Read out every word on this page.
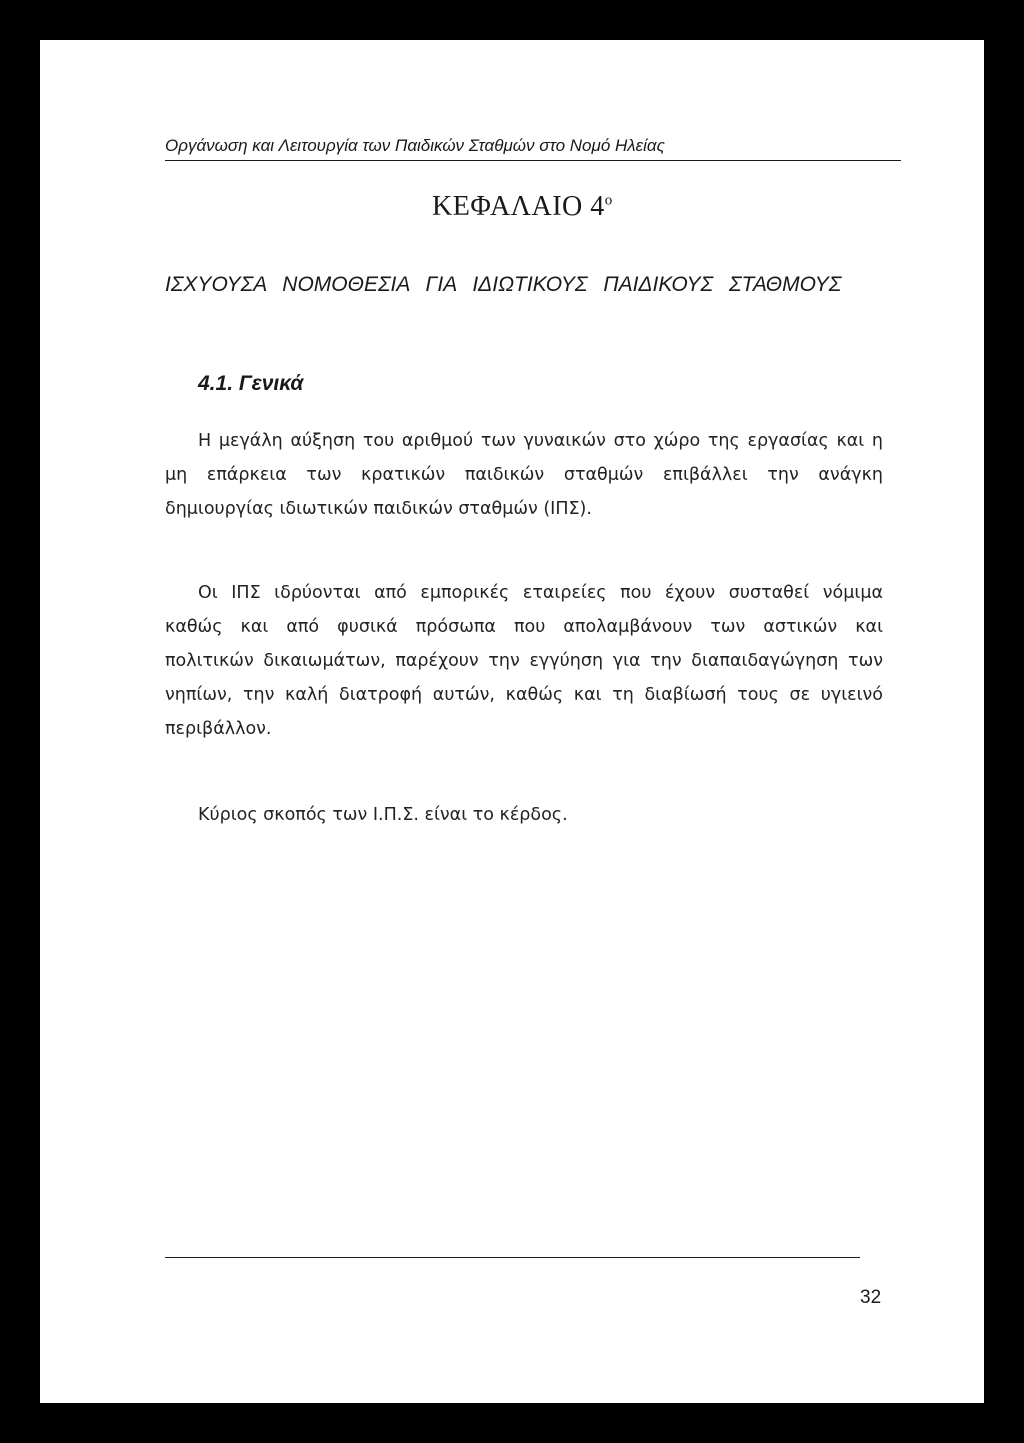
Οργάνωση και Λειτουργία των Παιδικών Σταθμών στο Νομό Ηλείας
ΚΕΦΑΛΑΙΟ $4^o$
ΙΣΧΥΟΥΣΑ ΝΟΜΟΘΕΣΙΑ ΓΙΑ ΙΔΙΩΤΙΚΟΥΣ ΠΑΙΔΙΚΟΥΣ ΣΤΑΘΜΟΥΣ
4.1. Γενικά

Η μεγάλη αύξηση του αριθμού των γυναικών στο χώρο της εργασίας και η μη επάρκεια των κρατικών παιδικών σταθμών επιβάλλει την ανάγκη δημιουργίας ιδιωτικών παιδικών σταθμών (ΙΠΣ).

Οι ΙΠΣ ιδρύονται από εμπορικές εταιρείες που έχουν συσταθεί νόμιμα καθώς και από φυσικά πρόσωπα που απολαμβάνουν των αστικών και πολιτικών δικαιωμάτων, παρέχουν την εγγύηση για την διαπαιδαγώγηση των νηπίων, την καλή διατροφή αυτών, καθώς και τη διαβίωσή τους σε υγιεινό περιβάλλον.

Κύριος σκοπός των Ι.Π.Σ. είναι το κέρδος.

32
